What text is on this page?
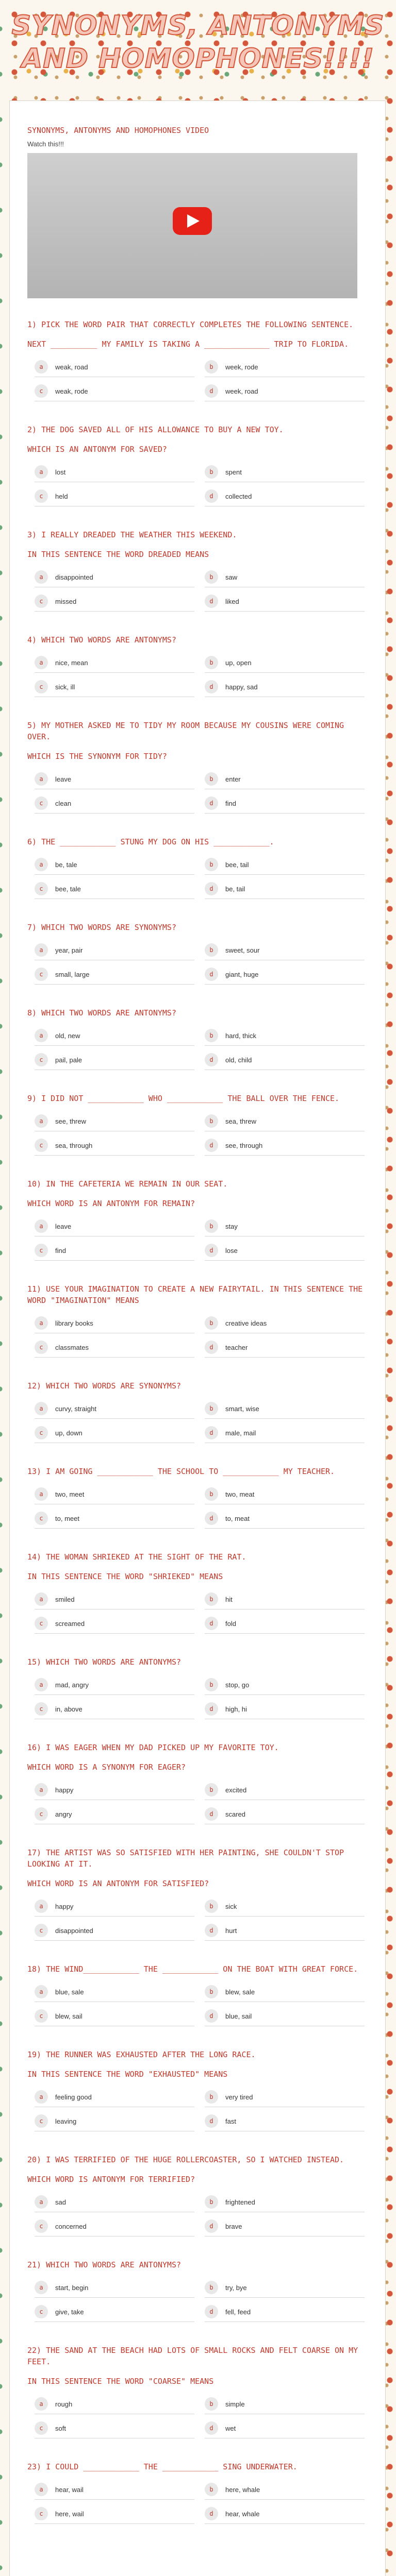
SYNONYMS, ANTONYMS
AND HOMOPHONES!!!!
SYNONYMS, ANTONYMS AND HOMOPHONES VIDEO
Watch this!!!
1) PICK THE WORD PAIR THAT CORRECTLY COMPLETES THE FOLLOWING SENTENCE.
NEXT __________ MY FAMILY IS TAKING A ______________ TRIP TO FLORIDA.
a	weak, road	b	week, rode
c	weak, rode	d	week, road
2) THE DOG SAVED ALL OF HIS ALLOWANCE TO BUY A NEW TOY.
WHICH IS AN ANTONYM FOR SAVED?
a	lost	b	spent
c	held	d	collected
3) I REALLY DREADED THE WEATHER THIS WEEKEND.
IN THIS SENTENCE THE WORD DREADED MEANS
a	disappointed	b	saw
c	missed	d	liked
4) WHICH TWO WORDS ARE ANTONYMS?
a	nice, mean	b	up, open
c	sick, ill	d	happy, sad
5) MY MOTHER ASKED ME TO TIDY MY ROOM BECAUSE MY COUSINS WERE COMING OVER.
WHICH IS THE SYNONYM FOR TIDY?
a	leave	b	enter
c	clean	d	find
6) THE ____________ STUNG MY DOG ON HIS ____________.
a	be, tale	b	bee, tail
c	bee, tale	d	be, tail
7) WHICH TWO WORDS ARE SYNONYMS?
a	year, pair	b	sweet, sour
c	small, large	d	giant, huge
8) WHICH TWO WORDS ARE ANTONYMS?
a	old, new	b	hard, thick
c	pail, pale	d	old, child
9) I DID NOT ____________ WHO ____________ THE BALL OVER THE FENCE.
a	see, threw	b	sea, threw
c	sea, through	d	see, through
10) IN THE CAFETERIA WE REMAIN IN OUR SEAT.
WHICH WORD IS AN ANTONYM FOR REMAIN?
a	leave	b	stay
c	find	d	lose
11) USE YOUR IMAGINATION TO CREATE A NEW FAIRYTAIL. IN THIS SENTENCE THE WORD "IMAGINATION" MEANS
a	library books	b	creative ideas
c	classmates	d	teacher
12) WHICH TWO WORDS ARE SYNONYMS?
a	curvy, straight	b	smart, wise
c	up, down	d	male, mail
13) I AM GOING ____________ THE SCHOOL TO ____________ MY TEACHER.
a	two, meet	b	two, meat
c	to, meet	d	to, meat
14) THE WOMAN SHRIEKED AT THE SIGHT OF THE RAT.
IN THIS SENTENCE THE WORD "SHRIEKED" MEANS
a	smiled	b	hit
c	screamed	d	fold
15) WHICH TWO WORDS ARE ANTONYMS?
a	mad, angry	b	stop, go
c	in, above	d	high, hi
16) I WAS EAGER WHEN MY DAD PICKED UP MY FAVORITE TOY.
WHICH WORD IS A SYNONYM FOR EAGER?
a	happy	b	excited
c	angry	d	scared
17) THE ARTIST WAS SO SATISFIED WITH HER PAINTING, SHE COULDN'T STOP LOOKING AT IT.
WHICH WORD IS AN ANTONYM FOR SATISFIED?
a	happy	b	sick
c	disappointed	d	hurt
18) THE WIND____________ THE ____________ ON THE BOAT WITH GREAT FORCE.
a	blue, sale	b	blew, sale
c	blew, sail	d	blue, sail
19) THE RUNNER WAS EXHAUSTED AFTER THE LONG RACE.
IN THIS SENTENCE THE WORD "EXHAUSTED" MEANS
a	feeling good	b	very tired
c	leaving	d	fast
20) I WAS TERRIFIED OF THE HUGE ROLLERCOASTER, SO I WATCHED INSTEAD.
WHICH WORD IS ANTONYM FOR TERRIFIED?
a	sad	b	frightened
c	concerned	d	brave
21) WHICH TWO WORDS ARE ANTONYMS?
a	start, begin	b	try, bye
c	give, take	d	fell, feed
22) THE SAND AT THE BEACH HAD LOTS OF SMALL ROCKS AND FELT COARSE ON MY FEET.
IN THIS SENTENCE THE WORD "COARSE" MEANS
a	rough	b	simple
c	soft	d	wet
23) I COULD ____________ THE ____________ SING UNDERWATER.
a	hear, wail	b	here, whale
c	here, wail	d	hear, whale
